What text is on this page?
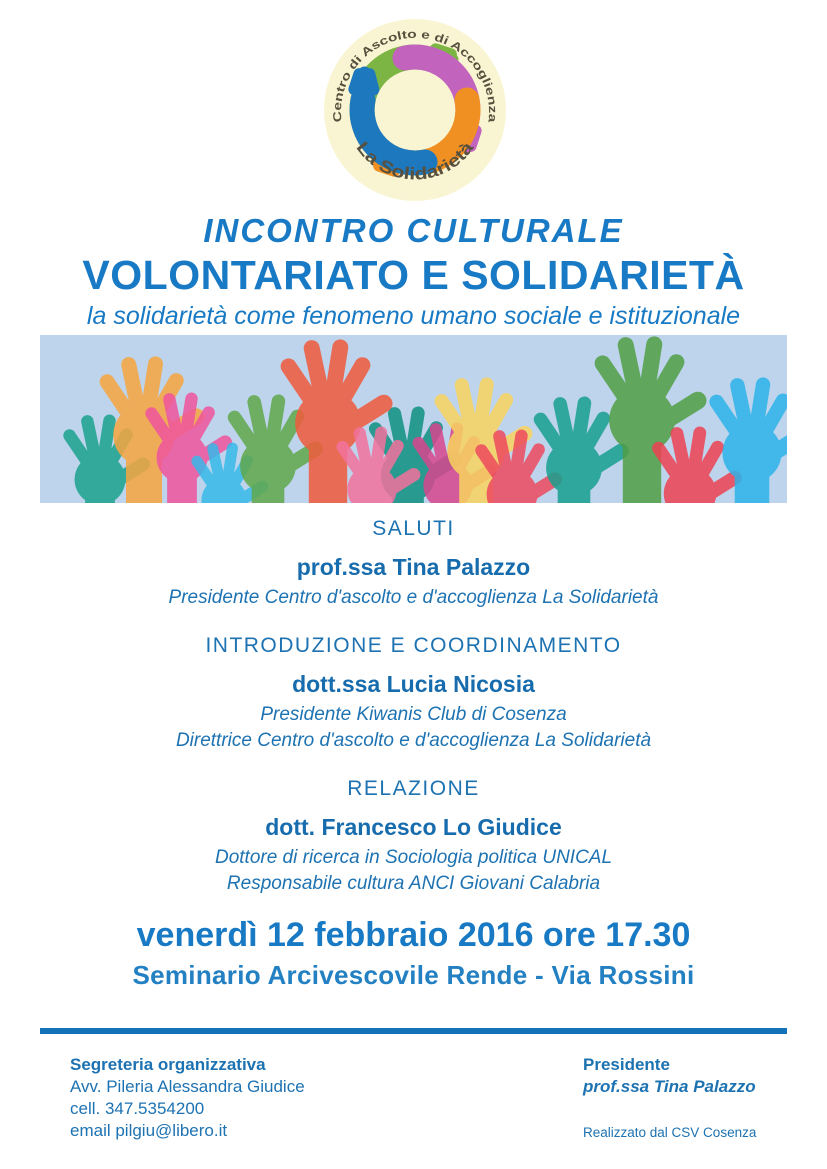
Centro di Ascolto e di Accoglienza
La Solidarietà
INCONTRO CULTURALE
VOLONTARIATO E SOLIDARIETÀ
la solidarietà come fenomeno umano sociale e istituzionale
SALUTI
prof.ssa Tina Palazzo
Presidente Centro d'ascolto e d'accoglienza La Solidarietà
INTRODUZIONE E COORDINAMENTO
dott.ssa Lucia Nicosia
Presidente Kiwanis Club di Cosenza
Direttrice Centro d'ascolto e d'accoglienza La Solidarietà
RELAZIONE
dott. Francesco Lo Giudice
Dottore di ricerca in Sociologia politica UNICAL
Responsabile cultura ANCI Giovani Calabria
venerdì 12 febbraio 2016 ore 17.30
Seminario Arcivescovile Rende - Via Rossini
Segreteria organizzativa
Avv. Pileria Alessandra Giudice
cell. 347.5354200
email pilgiu@libero.it
Presidente
prof.ssa Tina Palazzo
Realizzato dal CSV Cosenza
